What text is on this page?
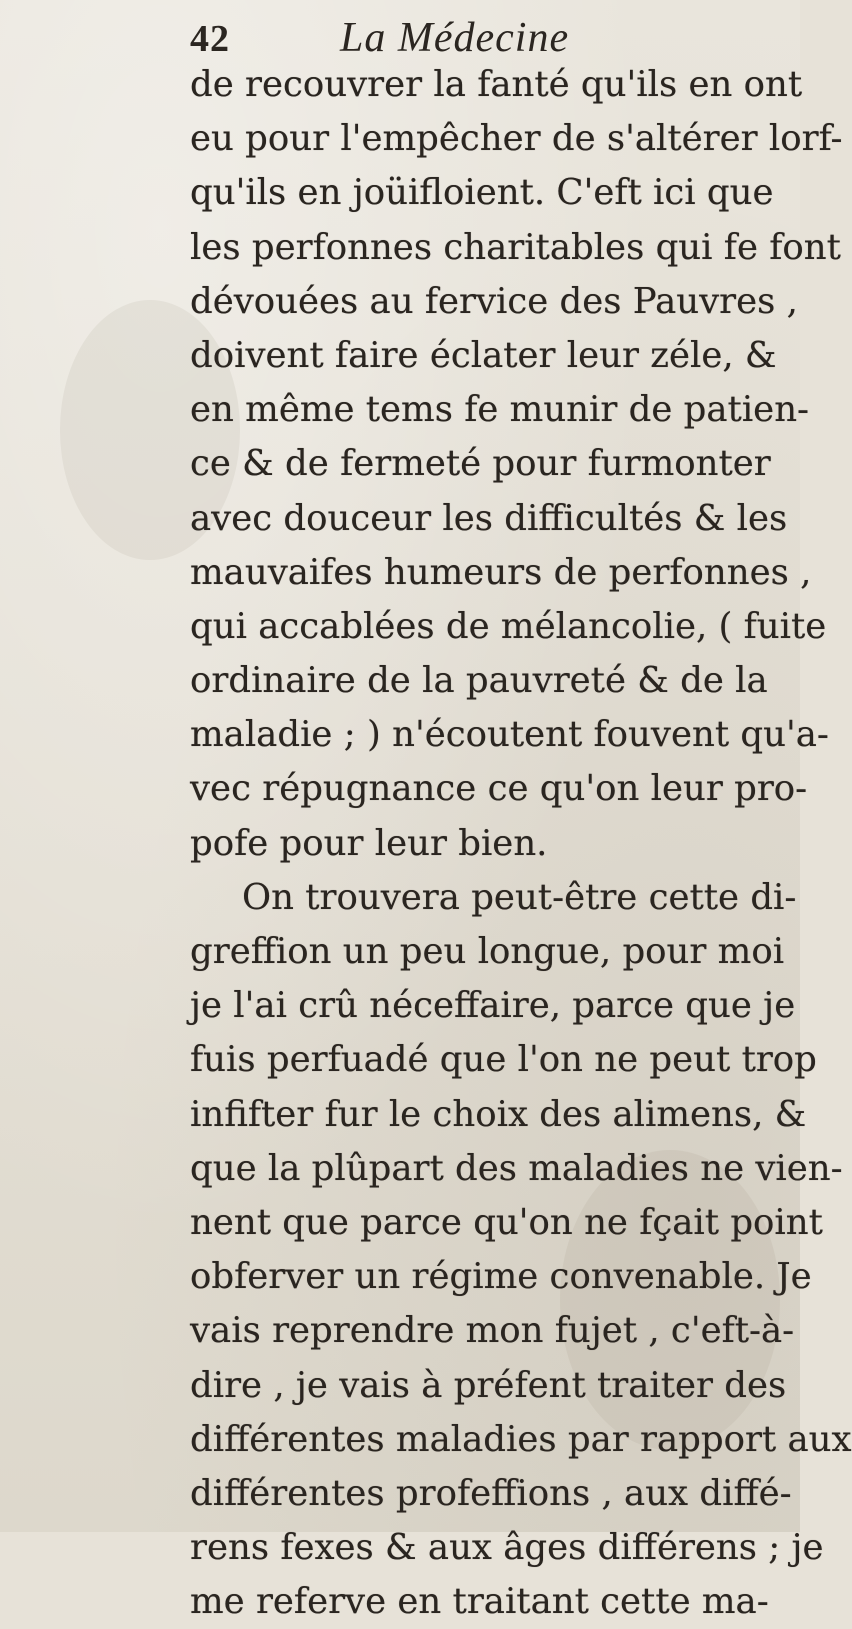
42	La Médecine
de recouvrer la fanté qu'ils en ont
eu pour l'empêcher de s'altérer lorf-
qu'ils en joüifloient. C'eft ici que
les perfonnes charitables qui fe font
dévouées au fervice des Pauvres ,
doivent faire éclater leur zéle, &
en même tems fe munir de patien-
ce & de fermeté pour furmonter
avec douceur les difficultés & les
mauvaifes humeurs de perfonnes ,
qui accablées de mélancolie, ( fuite
ordinaire de la pauvreté & de la
maladie ; ) n'écoutent fouvent qu'a-
vec répugnance ce qu'on leur pro-
pofe pour leur bien.
On trouvera peut-être cette di-
greffion un peu longue, pour moi
je l'ai crû néceffaire, parce que je
fuis perfuadé que l'on ne peut trop
infifter fur le choix des alimens, &
que la plûpart des maladies ne vien-
nent que parce qu'on ne fçait point
obferver un régime convenable. Je
vais reprendre mon fujet , c'eft-à-
dire , je vais à préfent traiter des
différentes maladies par rapport aux
différentes profeffions , aux diffé-
rens fexes & aux âges différens ; je
me referve en traitant cette ma-
